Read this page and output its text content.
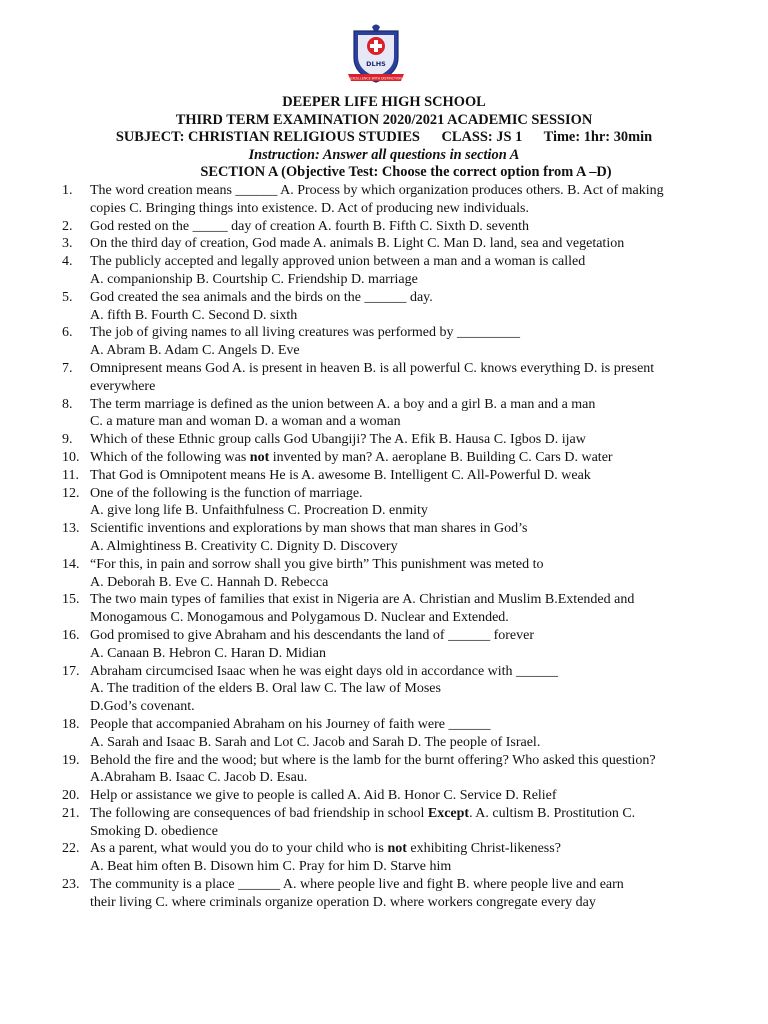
DLHS
EXCELLENCE WITH DISTINCTION
DEEPER LIFE HIGH SCHOOL
THIRD TERM EXAMINATION 2020/2021 ACADEMIC SESSION
SUBJECT: CHRISTIAN RELIGIOUS STUDIES      CLASS: JS 1      Time: 1hr: 30min
Instruction: Answer all questions in section A
SECTION A (Objective Test: Choose the correct option from A –D)
1. The word creation means ______ A. Process by which organization produces others. B. Act of making
copies C. Bringing things into existence. D. Act of producing new individuals.
2. God rested on the _____ day of creation A. fourth B. Fifth C. Sixth D. seventh
3. On the third day of creation, God made A. animals B. Light C. Man D. land, sea and vegetation
4. The publicly accepted and legally approved union between a man and a woman is called
A. companionship B. Courtship C. Friendship D. marriage
5. God created the sea animals and the birds on the ______ day.
A. fifth B. Fourth C. Second D. sixth
6. The job of giving names to all living creatures was performed by _________
A. Abram B. Adam C. Angels D. Eve
7. Omnipresent means God A. is present in heaven B. is all powerful C. knows everything D. is present
everywhere
8. The term marriage is defined as the union between A. a boy and a girl B. a man and a man
C. a mature man and woman D. a woman and a woman
9. Which of these Ethnic group calls God Ubangiji? The A. Efik B. Hausa C. Igbos D. ijaw
10. Which of the following was not invented by man? A. aeroplane B. Building C. Cars D. water
11. That God is Omnipotent means He is A. awesome B. Intelligent C. All-Powerful D. weak
12. One of the following is the function of marriage.
A. give long life B. Unfaithfulness C. Procreation D. enmity
13. Scientific inventions and explorations by man shows that man shares in God’s
A. Almightiness B. Creativity C. Dignity D. Discovery
14. “For this, in pain and sorrow shall you give birth” This punishment was meted to
A. Deborah B. Eve C. Hannah D. Rebecca
15. The two main types of families that exist in Nigeria are A. Christian and Muslim B.Extended and
Monogamous C. Monogamous and Polygamous D. Nuclear and Extended.
16. God promised to give Abraham and his descendants the land of ______ forever
A. Canaan B. Hebron C. Haran D. Midian
17. Abraham circumcised Isaac when he was eight days old in accordance with ______
A. The tradition of the elders B. Oral law C. The law of Moses
D.God’s covenant.
18. People that accompanied Abraham on his Journey of faith were ______
A. Sarah and Isaac B. Sarah and Lot C. Jacob and Sarah D. The people of Israel.
19. Behold the fire and the wood; but where is the lamb for the burnt offering? Who asked this question?
A.Abraham B. Isaac C. Jacob D. Esau.
20. Help or assistance we give to people is called A. Aid B. Honor C. Service D. Relief
21. The following are consequences of bad friendship in school Except. A. cultism B. Prostitution C.
Smoking D. obedience
22. As a parent, what would you do to your child who is not exhibiting Christ-likeness?
A. Beat him often B. Disown him C. Pray for him D. Starve him
23. The community is a place ______ A. where people live and fight B. where people live and earn
their living C. where criminals organize operation D. where workers congregate every day
